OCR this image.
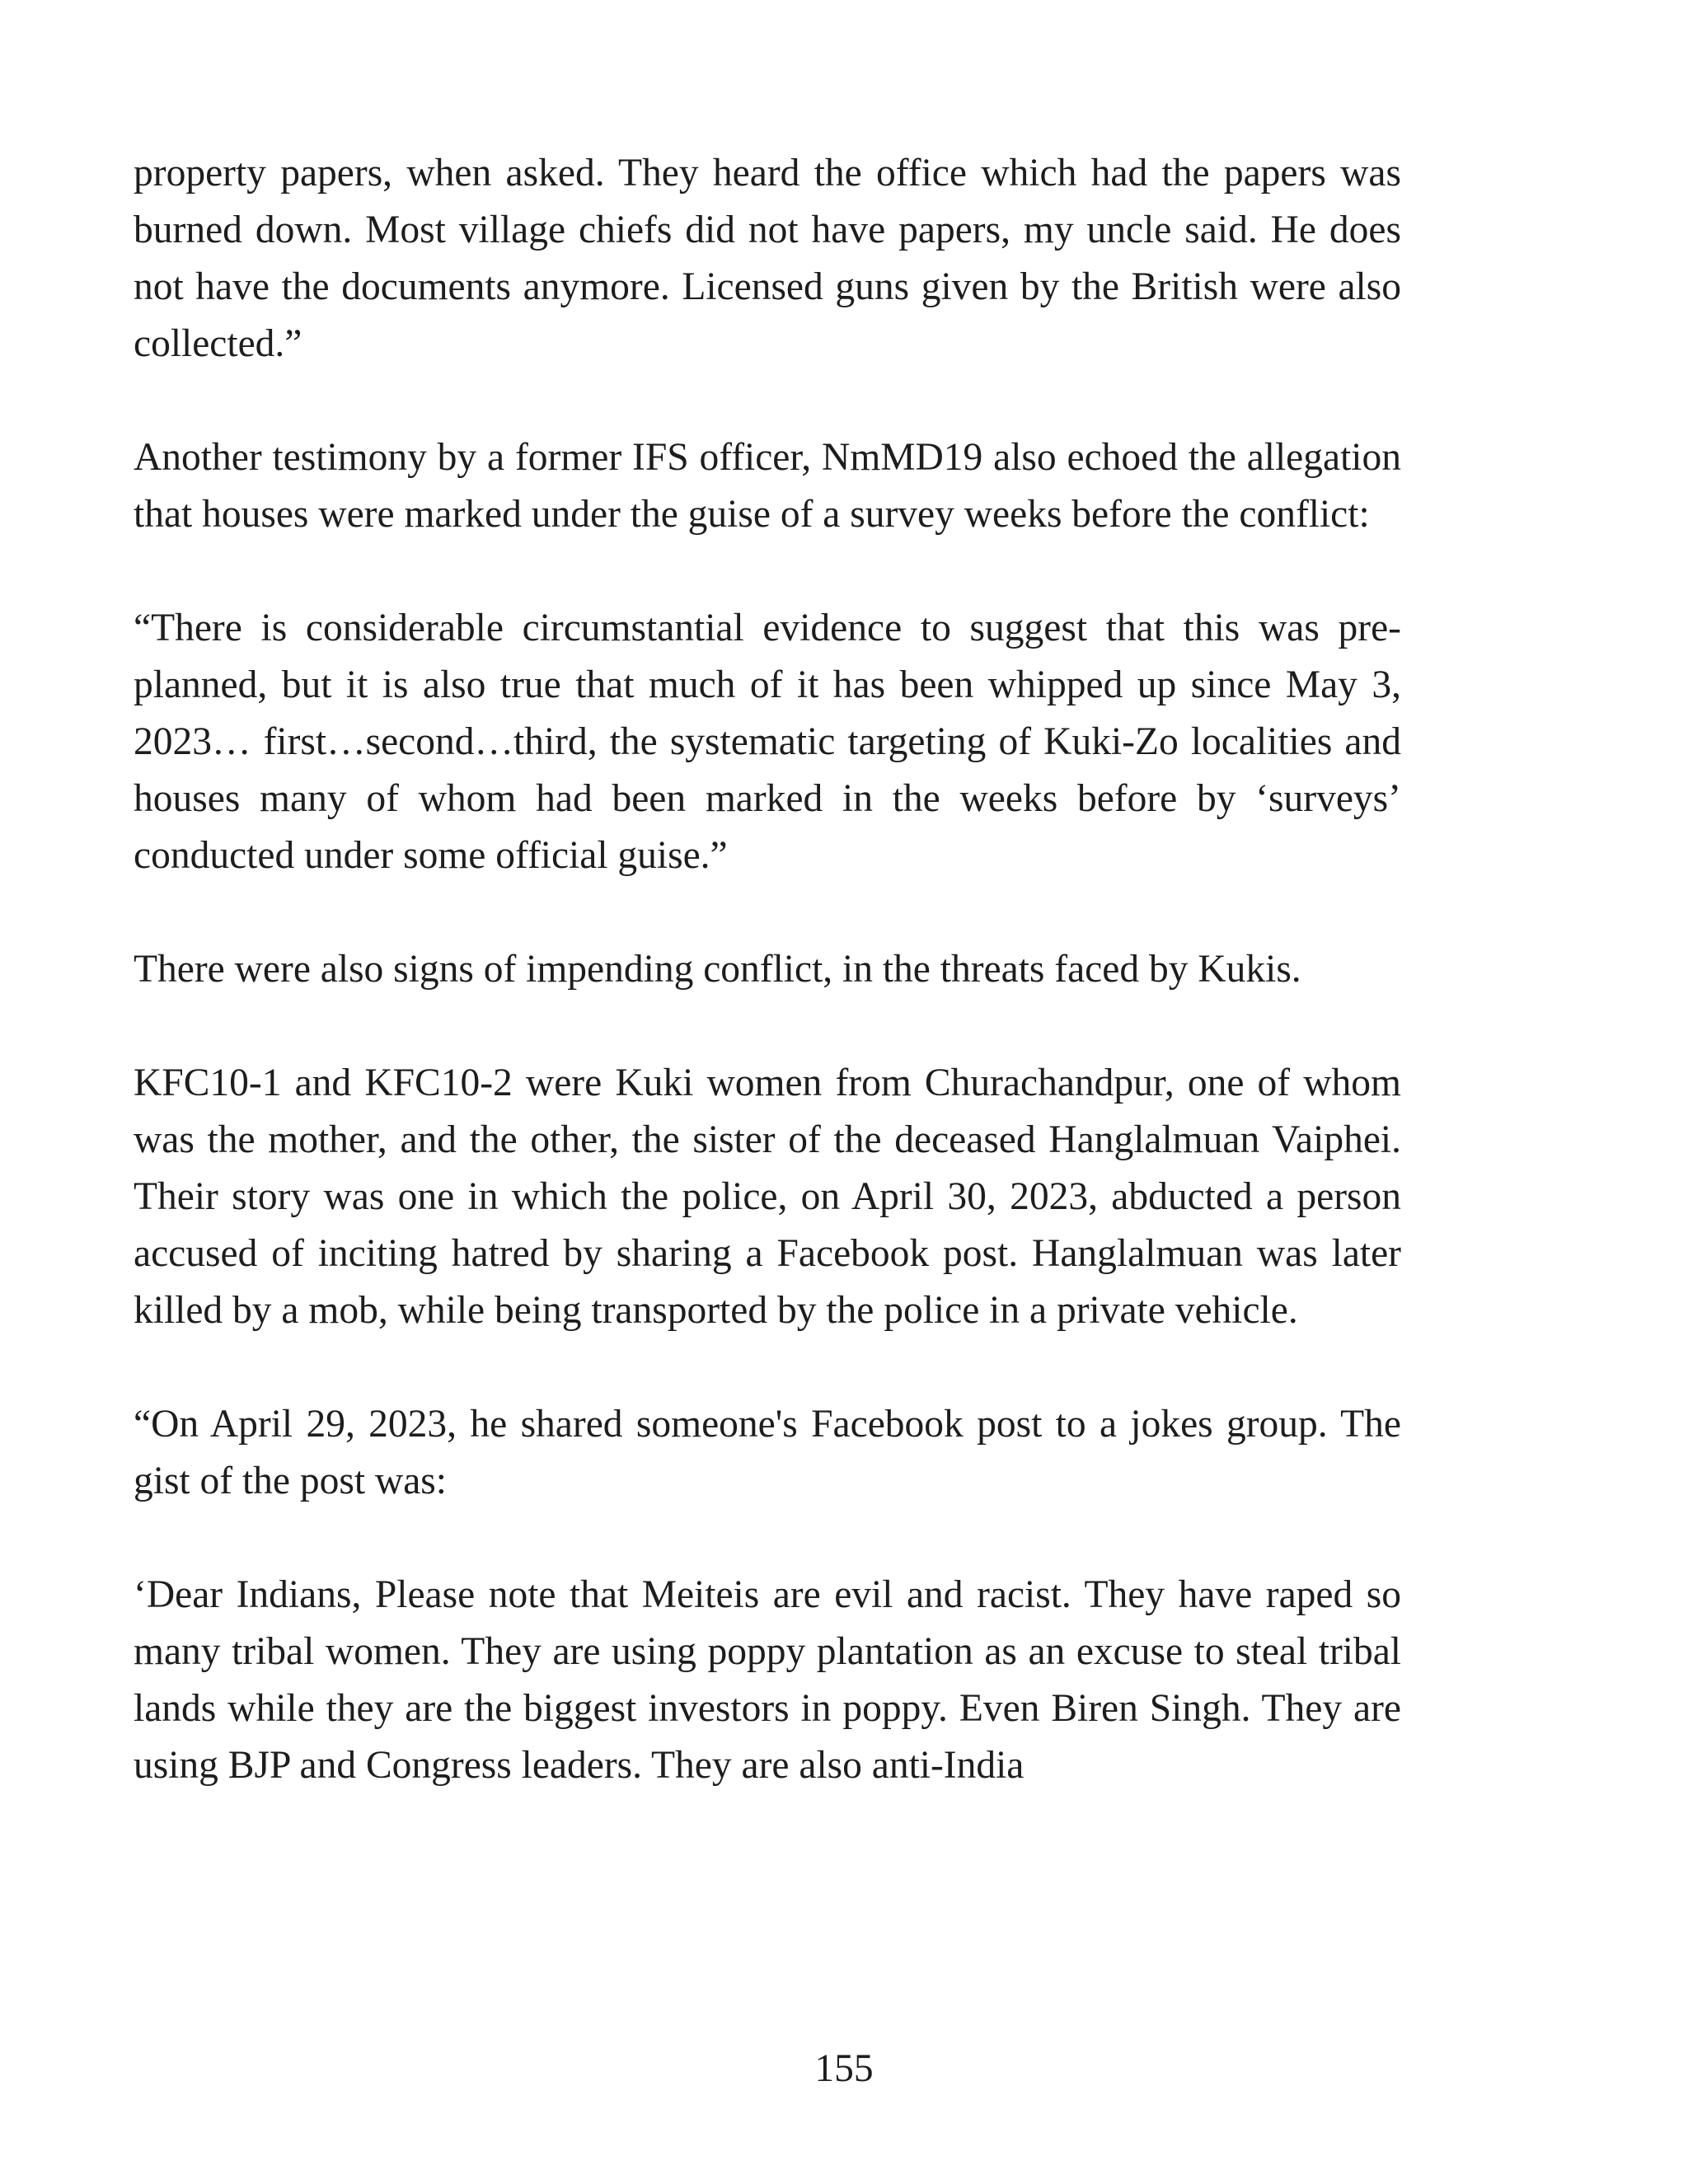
property papers, when asked. They heard the office which had the papers was burned down. Most village chiefs did not have papers, my uncle said. He does not have the documents anymore. Licensed guns given by the British were also collected.”

Another testimony by a former IFS officer, NmMD19 also echoed the allegation that houses were marked under the guise of a survey weeks before the conflict:

“There is considerable circumstantial evidence to suggest that this was pre-planned, but it is also true that much of it has been whipped up since May 3, 2023… first…second…third, the systematic targeting of Kuki-Zo localities and houses many of whom had been marked in the weeks before by ‘surveys’ conducted under some official guise.”

There were also signs of impending conflict, in the threats faced by Kukis.

KFC10-1 and KFC10-2 were Kuki women from Churachandpur, one of whom was the mother, and the other, the sister of the deceased Hanglalmuan Vaiphei. Their story was one in which the police, on April 30, 2023, abducted a person accused of inciting hatred by sharing a Facebook post. Hanglalmuan was later killed by a mob, while being transported by the police in a private vehicle.

“On April 29, 2023, he shared someone's Facebook post to a jokes group. The gist of the post was:

‘Dear Indians, Please note that Meiteis are evil and racist. They have raped so many tribal women. They are using poppy plantation as an excuse to steal tribal lands while they are the biggest investors in poppy. Even Biren Singh. They are using BJP and Congress leaders. They are also anti-India

155
